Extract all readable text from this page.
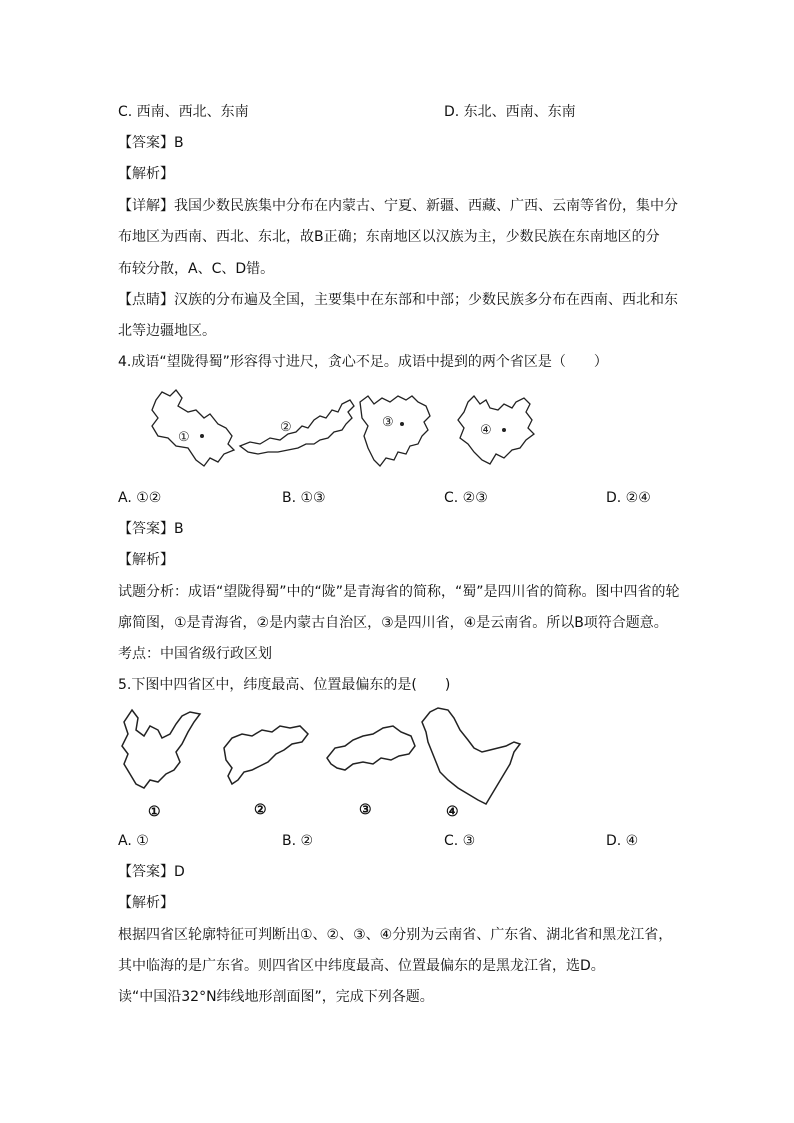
C. 西南、西北、东南	D. 东北、西南、东南
【答案】B
【解析】
【详解】我国少数民族集中分布在内蒙古、宁夏、新疆、西藏、广西、云南等省份，集中分
布地区为西南、西北、东北，故B正确；东南地区以汉族为主，少数民族在东南地区的分
布较分散，A、C、D错。
【点睛】汉族的分布遍及全国，主要集中在东部和中部；少数民族多分布在西南、西北和东
北等边疆地区。
4.成语“望陇得蜀”形容得寸进尺，贪心不足。成语中提到的两个省区是（　　）
①
②	③
④
A. ①②	B. ①③	C. ②③	D. ②④
【答案】B
【解析】
试题分析：成语“望陇得蜀”中的“陇”是青海省的简称，“蜀”是四川省的简称。图中四省的轮
廓简图，①是青海省，②是内蒙古自治区，③是四川省，④是云南省。所以B项符合题意。
考点：中国省级行政区划
5.下图中四省区中，纬度最高、位置最偏东的是(　　)
①	②	③	④
A. ①	B. ②	C. ③	D. ④
【答案】D
【解析】
根据四省区轮廓特征可判断出①、②、③、④分别为云南省、广东省、湖北省和黑龙江省，
其中临海的是广东省。则四省区中纬度最高、位置最偏东的是黑龙江省，选D。
读“中国沿32°N纬线地形剖面图”，完成下列各题。
